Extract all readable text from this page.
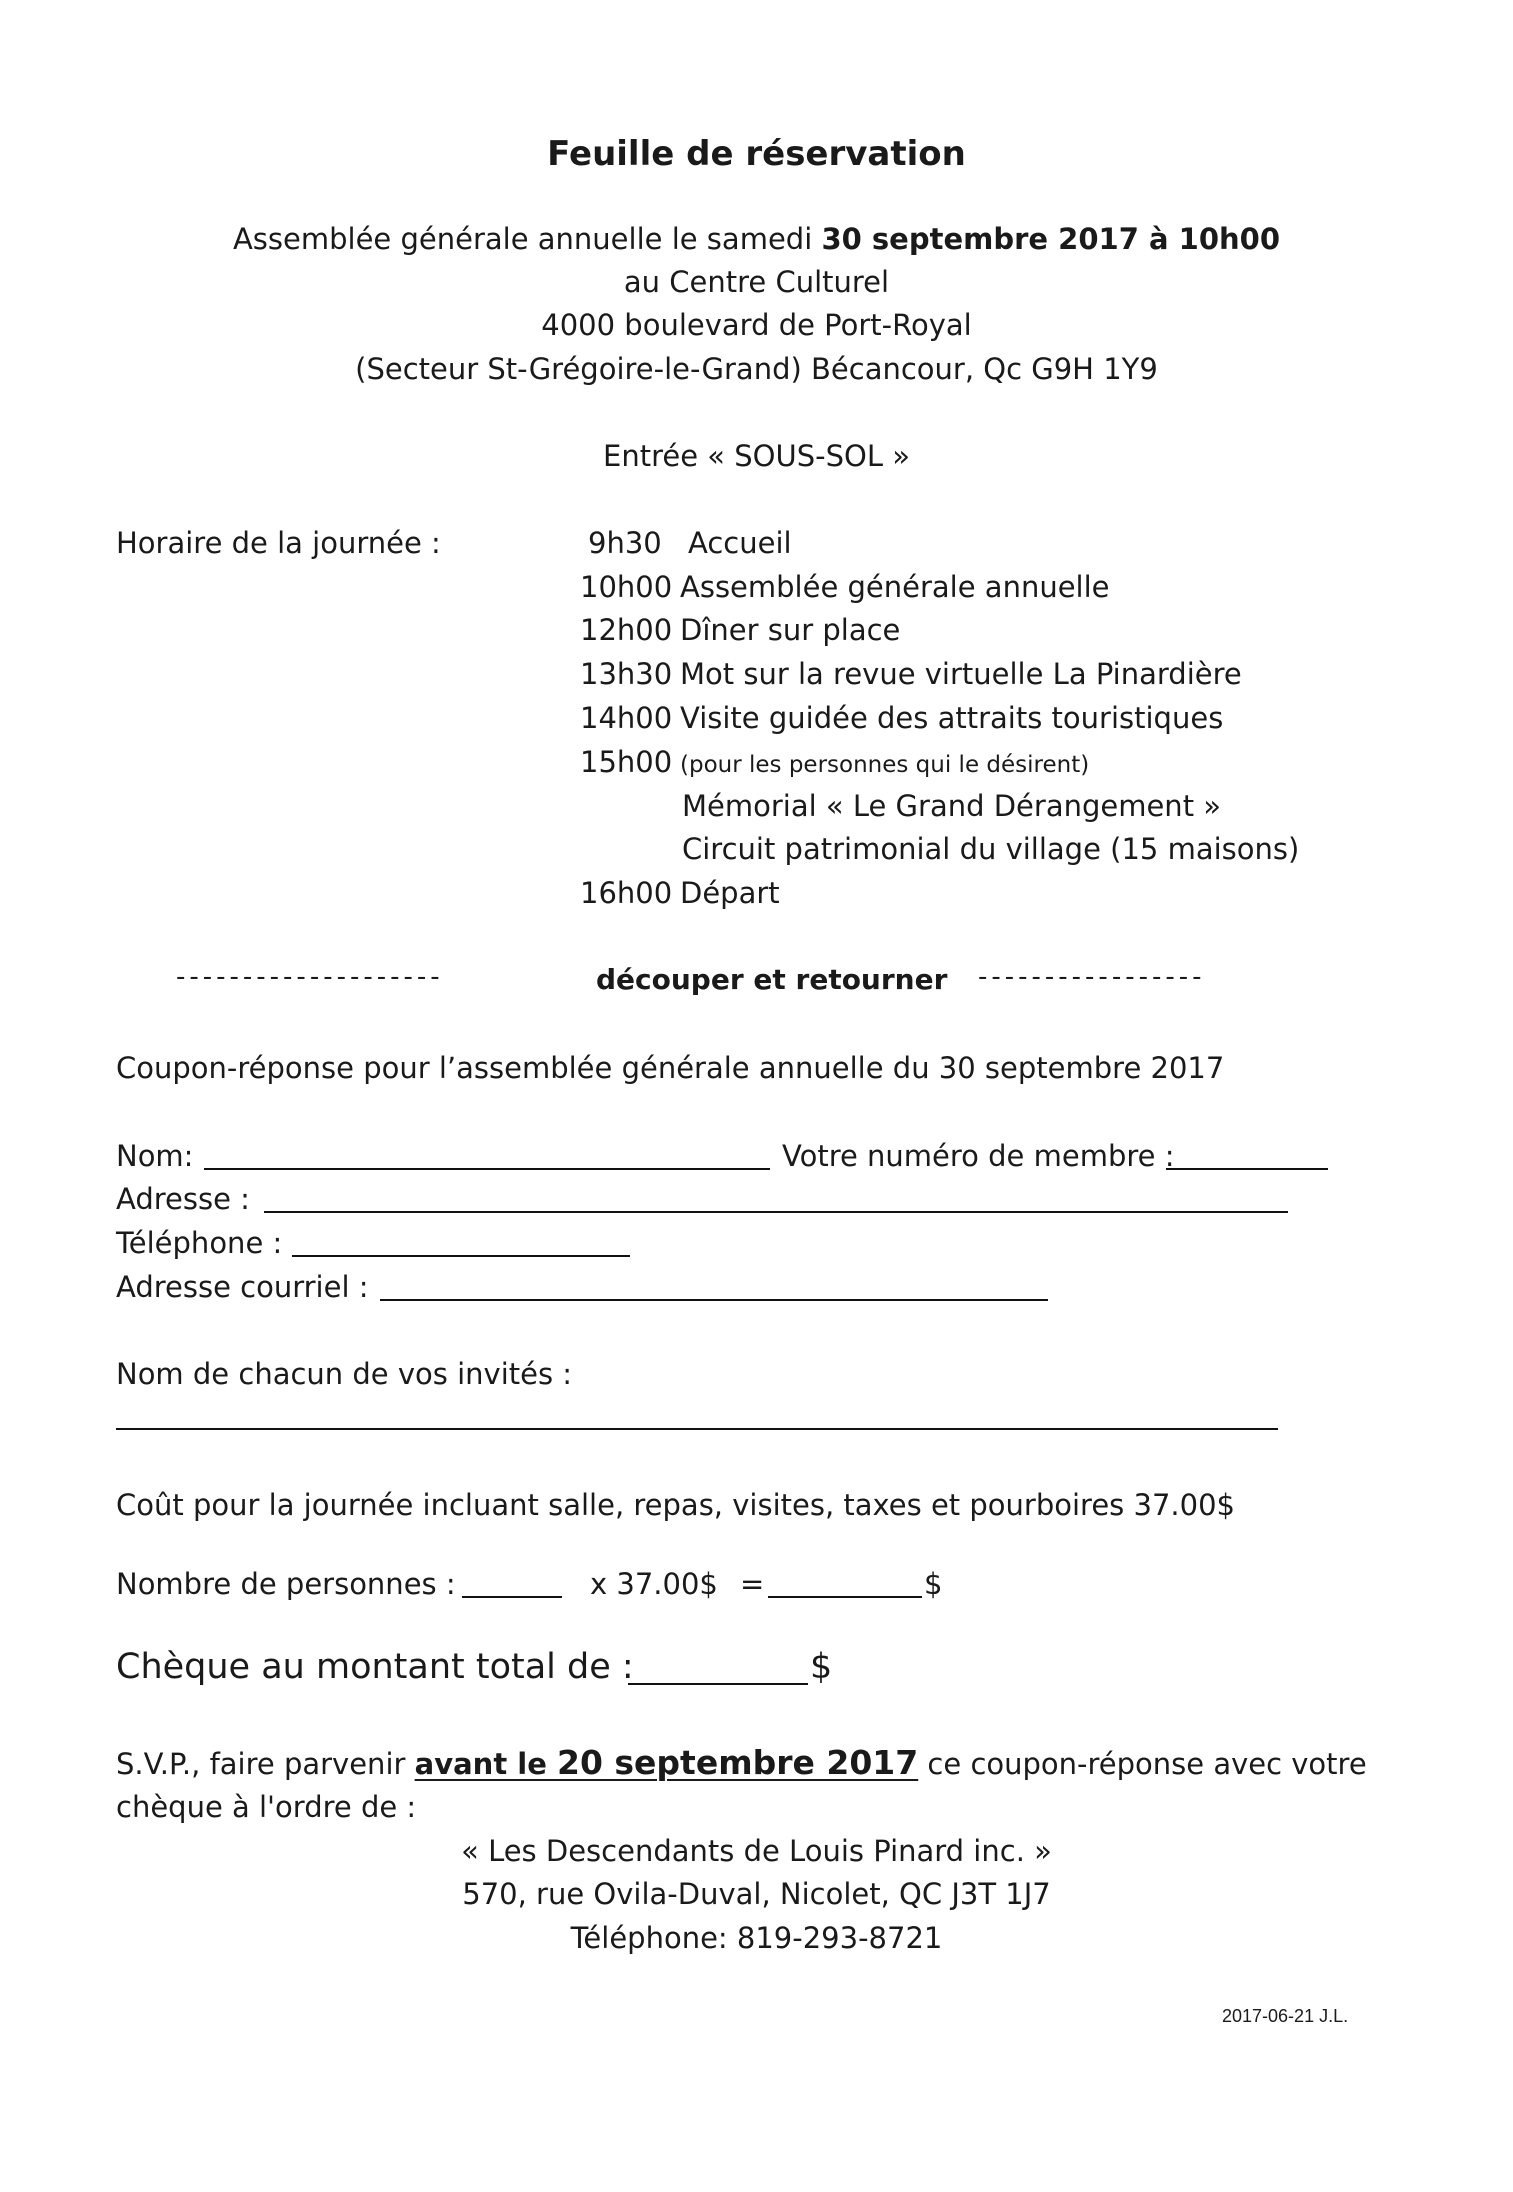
Feuille de réservation
Assemblée générale annuelle le samedi 30 septembre 2017 à 10h00
au Centre Culturel
4000 boulevard de Port-Royal
(Secteur St-Grégoire-le-Grand) Bécancour, Qc G9H 1Y9
Entrée « SOUS-SOL »
Horaire de la journée :	9h30 Accueil
10h00 Assemblée générale annuelle
12h00 Dîner sur place
13h30 Mot sur la revue virtuelle La Pinardière
14h00 Visite guidée des attraits touristiques
15h00 (pour les personnes qui le désirent)
Mémorial « Le Grand Dérangement »
Circuit patrimonial du village (15 maisons)
16h00 Départ
--------------------	découper et retourner -----------------
Coupon-réponse pour l’assemblée générale annuelle du 30 septembre 2017
Nom:	Votre numéro de membre :
Adresse :
Téléphone :
Adresse courriel :
Nom de chacun de vos invités :
Coût pour la journée incluant salle, repas, visites, taxes et pourboires 37.00$
Nombre de personnes :	x 37.00$ =	$
Chèque au montant total de :	$
S.V.P., faire parvenir avant le 20 septembre 2017 ce coupon-réponse avec votre
chèque à l'ordre de :
« Les Descendants de Louis Pinard inc. »
570, rue Ovila-Duval, Nicolet, QC J3T 1J7
Téléphone: 819-293-8721
2017-06-21 J.L.
